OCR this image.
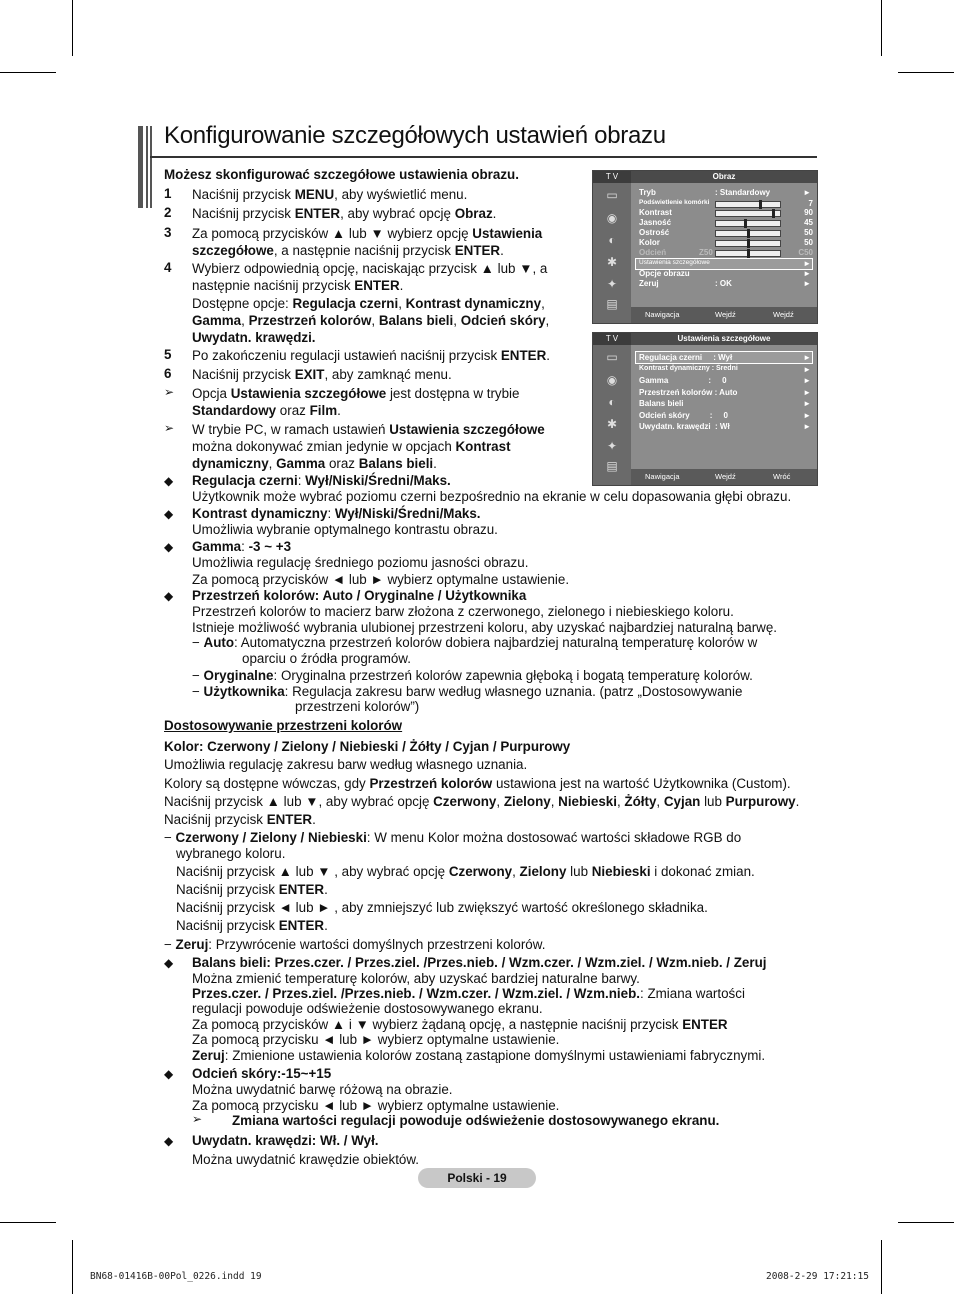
Konfigurowanie szczegółowych ustawień obrazu
Możesz skonfigurować szczegółowe ustawienia obrazu.
1 Naciśnij przycisk MENU, aby wyświetlić menu.
2 Naciśnij przycisk ENTER, aby wybrać opcję Obraz.
3 Za pomocą przycisków ▲ lub ▼ wybierz opcję Ustawienia
szczegółowe, a następnie naciśnij przycisk ENTER.
4 Wybierz odpowiednią opcję, naciskając przycisk ▲ lub ▼, a
następnie naciśnij przycisk ENTER.
5 Po zakończeniu regulacji ustawień naciśnij przycisk ENTER.
6 Naciśnij przycisk EXIT, aby zamknąć menu.
Dostępne opcje: Regulacja czerni, Kontrast dynamiczny,
Gamma, Przestrzeń kolorów, Balans bieli, Odcień skóry,
Uwydatn. krawędzi.
➢ Opcja Ustawienia szczegółowe jest dostępna w trybie
Standardowy oraz Film.
➢ W trybie PC, w ramach ustawień Ustawienia szczegółowe
można dokonywać zmian jedynie w opcjach Kontrast
dynamiczny, Gamma oraz Balans bieli.
◆ Regulacja czerni: Wył/Niski/Średni/Maks.
Użytkownik może wybrać poziomu czerni bezpośrednio na ekranie w celu dopasowania głębi obrazu.
◆ Kontrast dynamiczny: Wył/Niski/Średni/Maks.
Umożliwia wybranie optymalnego kontrastu obrazu.
◆ Gamma: -3 ~ +3
Umożliwia regulację średniego poziomu jasności obrazu.
Za pomocą przycisków ◄ lub ► wybierz optymalne ustawienie.
◆ Przestrzeń kolorów: Auto / Oryginalne / Użytkownika
Przestrzeń kolorów to macierz barw złożona z czerwonego, zielonego i niebieskiego koloru.
Istnieje możliwość wybrania ulubionej przestrzeni koloru, aby uzyskać najbardziej naturalną barwę.
− Auto: Automatyczna przestrzeń kolorów dobiera najbardziej naturalną temperaturę kolorów w
oparciu o źródła programów.
− Oryginalne: Oryginalna przestrzeń kolorów zapewnia głęboką i bogatą temperaturę kolorów.
− Użytkownika: Regulacja zakresu barw według własnego uznania. (patrz „Dostosowywanie
przestrzeni kolorów”)
Dostosowywanie przestrzeni kolorów
Kolor: Czerwony / Zielony / Niebieski / Żółty / Cyjan / Purpurowy
Umożliwia regulację zakresu barw według własnego uznania.
Kolory są dostępne wówczas, gdy Przestrzeń kolorów ustawiona jest na wartość Użytkownika (Custom).
Naciśnij przycisk ▲ lub ▼, aby wybrać opcję Czerwony, Zielony, Niebieski, Żółty, Cyjan lub Purpurowy.
Naciśnij przycisk ENTER.
− Czerwony / Zielony / Niebieski: W menu Kolor można dostosować wartości składowe RGB do
wybranego koloru.
Naciśnij przycisk ▲ lub ▼ , aby wybrać opcję Czerwony, Zielony lub Niebieski i dokonać zmian.
Naciśnij przycisk ENTER.
Naciśnij przycisk ◄ lub ► , aby zmniejszyć lub zwiększyć wartość określonego składnika.
Naciśnij przycisk ENTER.
− Zeruj: Przywrócenie wartości domyślnych przestrzeni kolorów.
◆ Balans bieli: Przes.czer. / Przes.ziel. /Przes.nieb. / Wzm.czer. / Wzm.ziel. / Wzm.nieb. / Zeruj
Można zmienić temperaturę kolorów, aby uzyskać bardziej naturalne barwy.
Przes.czer. / Przes.ziel. /Przes.nieb. / Wzm.czer. / Wzm.ziel. / Wzm.nieb.: Zmiana wartości
regulacji powoduje odświeżenie dostosowywanego ekranu.
Za pomocą przycisków ▲ i ▼ wybierz żądaną opcję, a następnie naciśnij przycisk ENTER
Za pomocą przycisku ◄ lub ► wybierz optymalne ustawienie.
Zeruj: Zmienione ustawienia kolorów zostaną zastąpione domyślnymi ustawieniami fabrycznymi.
◆ Odcień skóry:-15~+15
Można uwydatnić barwę różową na obrazie.
Za pomocą przycisku ◄ lub ► wybierz optymalne ustawienie.
➢ Zmiana wartości regulacji powoduje odświeżenie dostosowywanego ekranu.
◆ Uwydatn. krawędzi: Wł. / Wył.
Można uwydatnić krawędzie obiektów.
T V
▭
◉
◐
✱
✦
▤
Obraz
Tryb	: Standardowy	►
Podświetlenie komórki	7
Kontrast	90
Jasność	45
Ostrość	50
Kolor	50
Odcień	Z50	C50
Ustawienia szczegółowe	►
Opcje obrazu	►
Zeruj	: OK	►
Nawigacja	Wejdź	Wejdź
T V
▭
◉
◐
✱
✦
▤
Ustawienia szczegółowe
Regulacja czerni     : Wył	►
Kontrast dynamiczny : Średni	►
Gamma                  :     0	►
Przestrzeń kolorów : Auto	►
Balans bieli	►
Odcień skóry         :     0	►
Uwydatn. krawędzi  : Wł	►
Nawigacja	Wejdź	Wróć
Polski - 19
BN68-01416B-00Pol_0226.indd 19	2008-2-29 17:21:15
